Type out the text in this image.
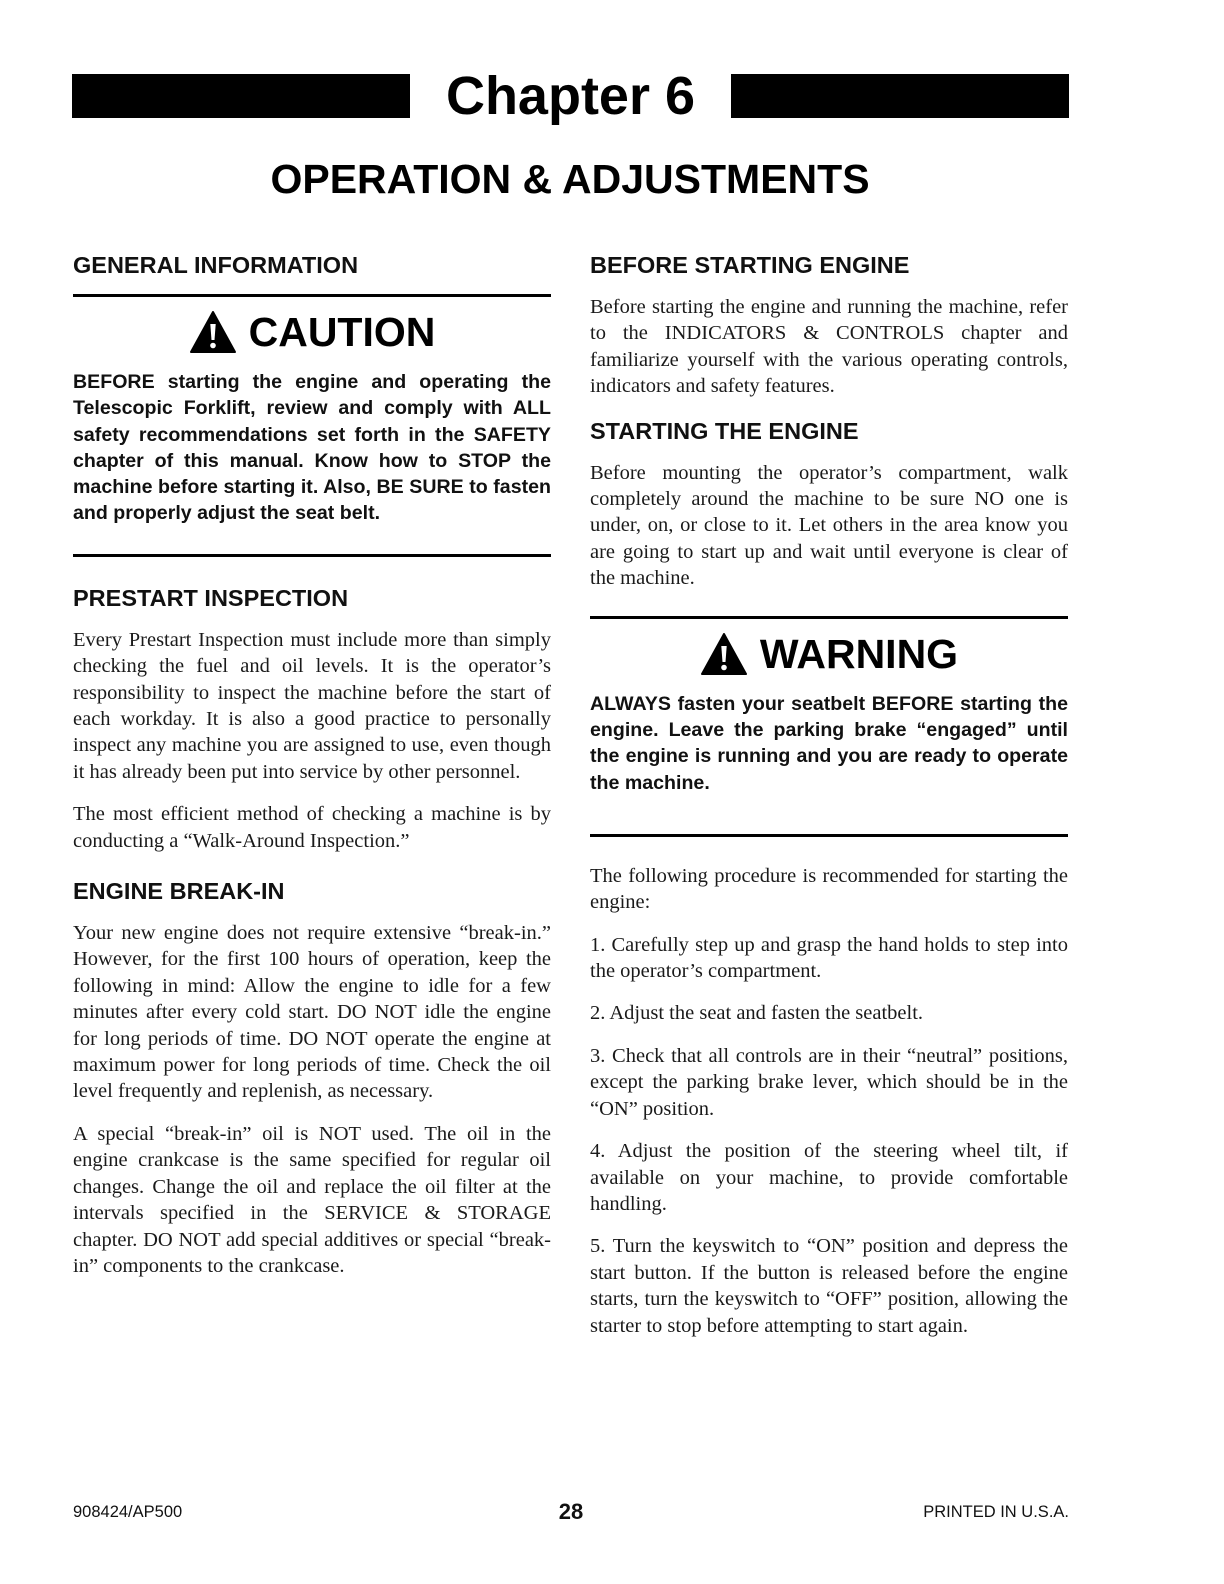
Chapter 6
OPERATION & ADJUSTMENTS
GENERAL INFORMATION
CAUTION

BEFORE starting the engine and operating the Telescopic Forklift, review and comply with ALL safety recommendations set forth in the SAFETY chapter of this manual. Know how to STOP the machine before starting it. Also, BE SURE to fasten and properly adjust the seat belt.

PRESTART INSPECTION

Every Prestart Inspection must include more than simply checking the fuel and oil levels. It is the operator’s responsibility to inspect the machine before the start of each workday. It is also a good practice to personally inspect any machine you are assigned to use, even though it has already been put into service by other personnel.

The most efficient method of checking a machine is by conducting a “Walk-Around Inspection.”

ENGINE BREAK-IN

Your new engine does not require extensive “break-in.” However, for the first 100 hours of operation, keep the following in mind: Allow the engine to idle for a few minutes after every cold start. DO NOT idle the engine for long periods of time. DO NOT operate the engine at maximum power for long periods of time. Check the oil level frequently and replenish, as necessary.

A special “break-in” oil is NOT used. The oil in the engine crankcase is the same specified for regular oil changes. Change the oil and replace the oil filter at the intervals specified in the SERVICE & STORAGE chapter. DO NOT add special additives or special “break-in” components to the crankcase.

BEFORE STARTING ENGINE

Before starting the engine and running the machine, refer to the INDICATORS & CONTROLS chapter and familiarize yourself with the various operating controls, indicators and safety features.

STARTING THE ENGINE

Before mounting the operator’s compartment, walk completely around the machine to be sure NO one is under, on, or close to it. Let others in the area know you are going to start up and wait until everyone is clear of the machine.

WARNING

ALWAYS fasten your seatbelt BEFORE starting the engine. Leave the parking brake “engaged” until the engine is running and you are ready to operate the machine.

The following procedure is recommended for starting the engine:

1. Carefully step up and grasp the hand holds to step into the operator’s compartment.

2. Adjust the seat and fasten the seatbelt.

3. Check that all controls are in their “neutral” positions, except the parking brake lever, which should be in the “ON” position.

4. Adjust the position of the steering wheel tilt, if available on your machine, to provide comfortable handling.

5. Turn the keyswitch to “ON” position and depress the start button. If the button is released before the engine starts, turn the keyswitch to “OFF” position, allowing the starter to stop before attempting to start again.

908424/AP500	28	PRINTED IN U.S.A.
